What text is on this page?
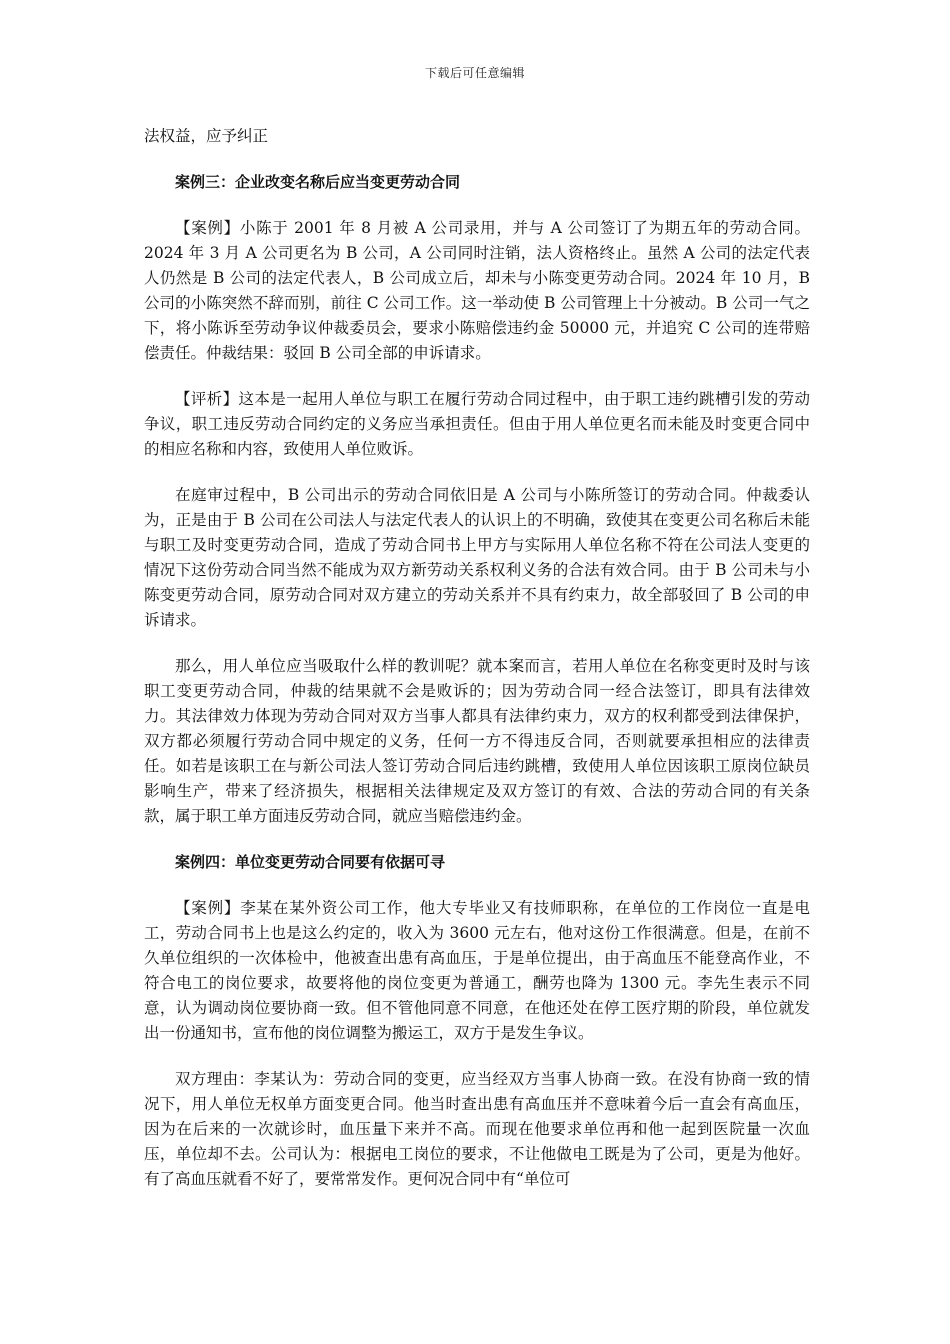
下载后可任意编辑

法权益，应予纠正

案例三：企业改变名称后应当变更劳动合同

【案例】小陈于 2001 年 8 月被 A 公司录用，并与 A 公司签订了为期五年的劳动合同。2024 年 3 月 A 公司更名为 B 公司，A 公司同时注销，法人资格终止。虽然 A 公司的法定代表人仍然是 B 公司的法定代表人，B 公司成立后，却未与小陈变更劳动合同。2024 年 10 月，B 公司的小陈突然不辞而别，前往 C 公司工作。这一举动使 B 公司管理上十分被动。B 公司一气之下，将小陈诉至劳动争议仲裁委员会，要求小陈赔偿违约金 50000 元，并追究 C 公司的连带赔偿责任。仲裁结果：驳回 B 公司全部的申诉请求。

【评析】这本是一起用人单位与职工在履行劳动合同过程中，由于职工违约跳槽引发的劳动争议，职工违反劳动合同约定的义务应当承担责任。但由于用人单位更名而未能及时变更合同中的相应名称和内容，致使用人单位败诉。

在庭审过程中，B 公司出示的劳动合同依旧是 A 公司与小陈所签订的劳动合同。仲裁委认为，正是由于 B 公司在公司法人与法定代表人的认识上的不明确，致使其在变更公司名称后未能与职工及时变更劳动合同，造成了劳动合同书上甲方与实际用人单位名称不符在公司法人变更的情况下这份劳动合同当然不能成为双方新劳动关系权利义务的合法有效合同。由于 B 公司未与小陈变更劳动合同，原劳动合同对双方建立的劳动关系并不具有约束力，故全部驳回了 B 公司的申诉请求。

那么，用人单位应当吸取什么样的教训呢？就本案而言，若用人单位在名称变更时及时与该职工变更劳动合同，仲裁的结果就不会是败诉的；因为劳动合同一经合法签订，即具有法律效力。其法律效力体现为劳动合同对双方当事人都具有法律约束力，双方的权利都受到法律保护，双方都必须履行劳动合同中规定的义务，任何一方不得违反合同，否则就要承担相应的法律责任。如若是该职工在与新公司法人签订劳动合同后违约跳槽，致使用人单位因该职工原岗位缺员影响生产，带来了经济损失，根据相关法律规定及双方签订的有效、合法的劳动合同的有关条款，属于职工单方面违反劳动合同，就应当赔偿违约金。

案例四：单位变更劳动合同要有依据可寻

【案例】李某在某外资公司工作，他大专毕业又有技师职称，在单位的工作岗位一直是电工，劳动合同书上也是这么约定的，收入为 3600 元左右，他对这份工作很满意。但是，在前不久单位组织的一次体检中，他被查出患有高血压，于是单位提出，由于高血压不能登高作业，不符合电工的岗位要求，故要将他的岗位变更为普通工，酬劳也降为 1300 元。李先生表示不同意，认为调动岗位要协商一致。但不管他同意不同意，在他还处在停工医疗期的阶段，单位就发出一份通知书，宣布他的岗位调整为搬运工，双方于是发生争议。

双方理由：李某认为：劳动合同的变更，应当经双方当事人协商一致。在没有协商一致的情况下，用人单位无权单方面变更合同。他当时查出患有高血压并不意味着今后一直会有高血压，因为在后来的一次就诊时，血压量下来并不高。而现在他要求单位再和他一起到医院量一次血压，单位却不去。公司认为：根据电工岗位的要求，不让他做电工既是为了公司，更是为他好。有了高血压就看不好了，要常常发作。更何况合同中有“单位可
